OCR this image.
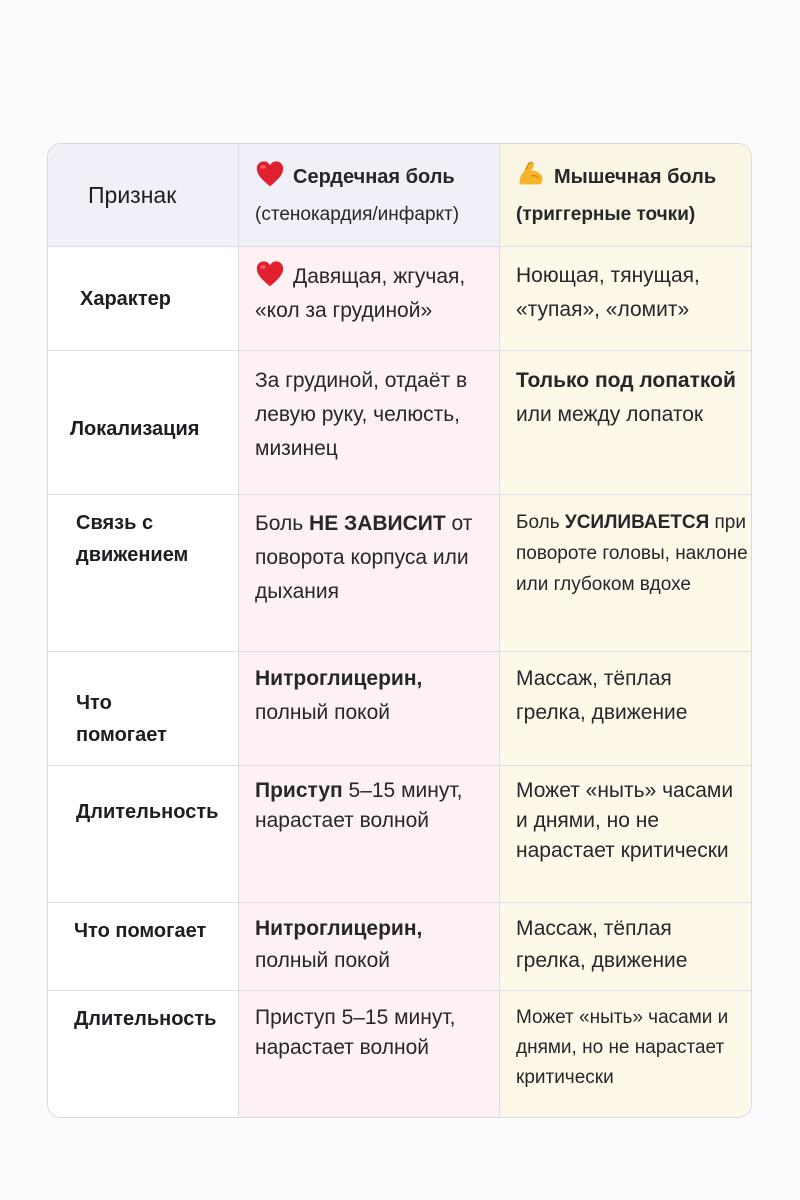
Признак
Сердечная боль
(стенокардия/инфаркт)
Мышечная боль
(триггерные точки)
Характер
Давящая, жгучая, «кол за грудиной»
Ноющая, тянущая, «тупая», «ломит»
Локализация
За грудиной, отдаёт в левую руку, челюсть, мизинец
Только под лопаткой или между лопаток
Связь с
движением
Боль НЕ ЗАВИСИТ от поворота корпуса или дыхания
Боль УСИЛИВАЕТСЯ при повороте головы, наклоне или глубоком вдохе
Что
помогает
Нитроглицерин,
полный покой
Массаж, тёплая грелка, движение
Длительность
Приступ 5–15 минут, нарастает волной
Может «ныть» часами и днями, но не нарастает критически
Что помогает	Нитроглицерин,
полный покой
Массаж, тёплая грелка, движение
Длительность	Приступ 5–15 минут, нарастает волной
Может «ныть» часами и днями, но не нарастает критически
